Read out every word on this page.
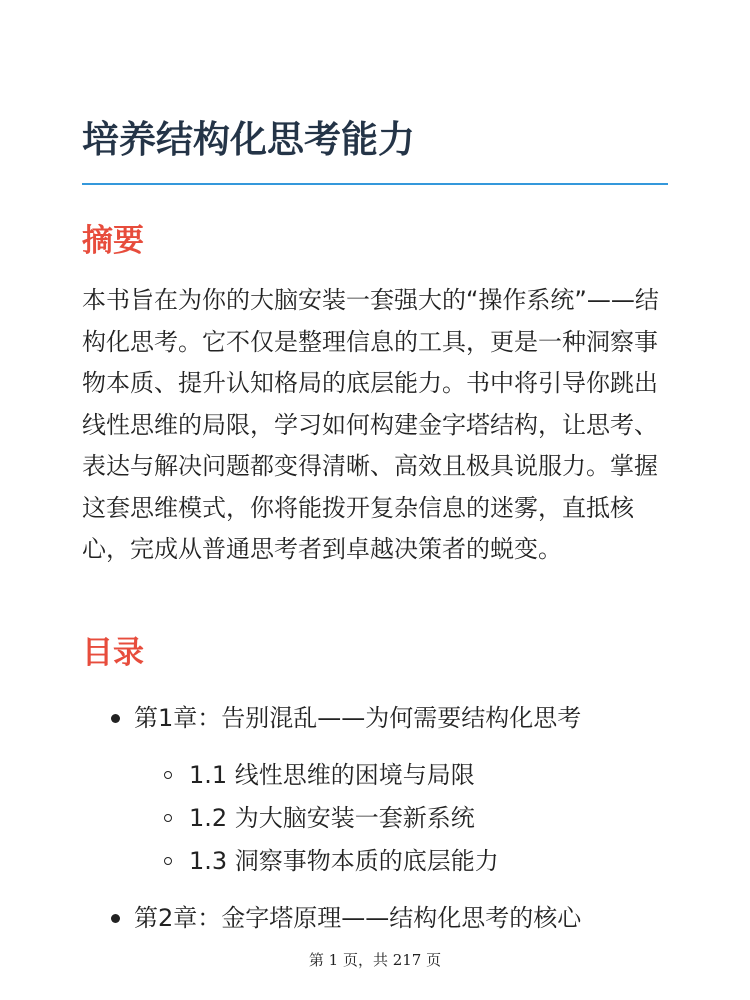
培养结构化思考能力
摘要

本书旨在为你的大脑安装一套强大的“操作系统”——结构化思考。它不仅是整理信息的工具，更是一种洞察事物本质、提升认知格局的底层能力。书中将引导你跳出线性思维的局限，学习如何构建金字塔结构，让思考、表达与解决问题都变得清晰、高效且极具说服力。掌握这套思维模式，你将能拨开复杂信息的迷雾，直抵核心，完成从普通思考者到卓越决策者的蜕变。

目录
第1章：告别混乱——为何需要结构化思考
1.1 线性思维的困境与局限
1.2 为大脑安装一套新系统
1.3 洞察事物本质的底层能力
第2章：金字塔原理——结构化思考的核心
第 1 页，共 217 页
